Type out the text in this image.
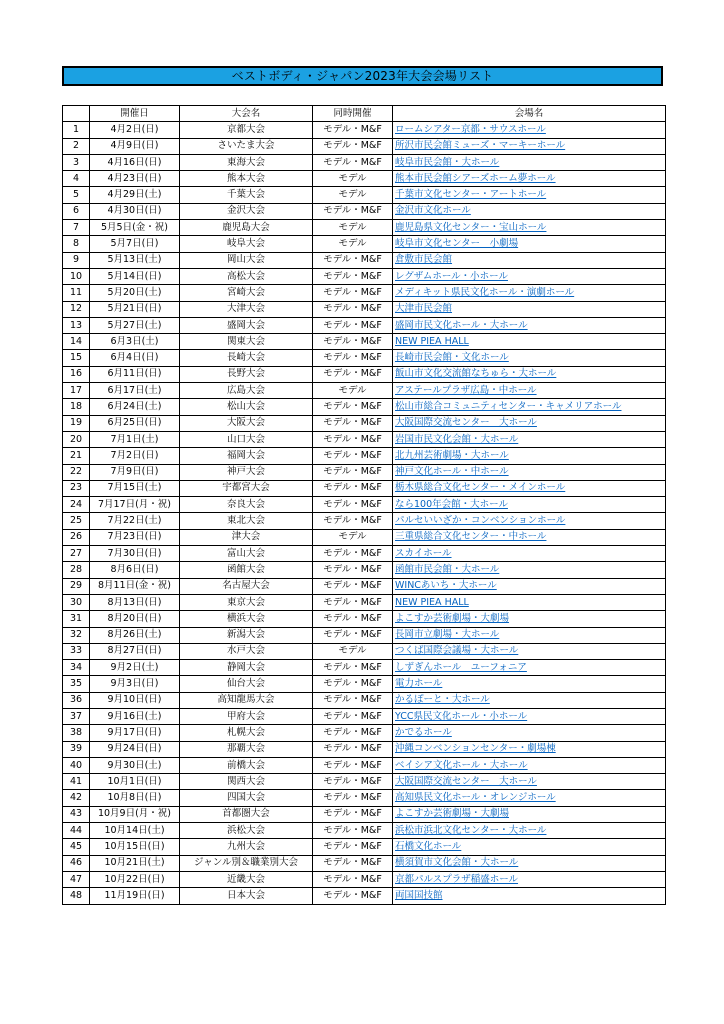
ベストボディ・ジャパン2023年大会会場リスト
	開催日	大会名	同時開催	会場名
1	4月2日(日)	京都大会	モデル・M&F	ロームシアター京都・サウスホール
2	4月9日(日)	さいたま大会	モデル・M&F	所沢市民会館ミューズ・マーキーホール
3	4月16日(日)	東海大会	モデル・M&F	岐阜市民会館・大ホール
4	4月23日(日)	熊本大会	モデル	熊本市民会館シアーズホーム夢ホール
5	4月29日(土)	千葉大会	モデル	千葉市文化センター・アートホール
6	4月30日(日)	金沢大会	モデル・M&F	金沢市文化ホール
7	5月5日(金・祝)	鹿児島大会	モデル	鹿児島県文化センター・宝山ホール
8	5月7日(日)	岐阜大会	モデル	岐阜市文化センター　小劇場
9	5月13日(土)	岡山大会	モデル・M&F	倉敷市民会館
10	5月14日(日)	高松大会	モデル・M&F	レグザムホール・小ホール
11	5月20日(土)	宮崎大会	モデル・M&F	メディキット県民文化ホール・演劇ホール
12	5月21日(日)	大津大会	モデル・M&F	大津市民会館
13	5月27日(土)	盛岡大会	モデル・M&F	盛岡市民文化ホール・大ホール
14	6月3日(土)	関東大会	モデル・M&F	NEW PIEA HALL
15	6月4日(日)	長崎大会	モデル・M&F	長崎市民会館・文化ホール
16	6月11日(日)	長野大会	モデル・M&F	飯山市文化交流館なちゅら・大ホール
17	6月17日(土)	広島大会	モデル	アステールプラザ広島・中ホール
18	6月24日(土)	松山大会	モデル・M&F	松山市総合コミュニティセンター・キャメリアホール
19	6月25日(日)	大阪大会	モデル・M&F	大阪国際交流センター　大ホール
20	7月1日(土)	山口大会	モデル・M&F	岩国市民文化会館・大ホール
21	7月2日(日)	福岡大会	モデル・M&F	北九州芸術劇場・大ホール
22	7月9日(日)	神戸大会	モデル・M&F	神戸文化ホール・中ホール
23	7月15日(土)	宇都宮大会	モデル・M&F	栃木県総合文化センター・メインホール
24	7月17日(月・祝)	奈良大会	モデル・M&F	なら100年会館・大ホール
25	7月22日(土)	東北大会	モデル・M&F	パルセいいざか・コンベンションホール
26	7月23日(日)	津大会	モデル	三重県総合文化センター・中ホール
27	7月30日(日)	富山大会	モデル・M&F	スカイホール
28	8月6日(日)	函館大会	モデル・M&F	函館市民会館・大ホール
29	8月11日(金・祝)	名古屋大会	モデル・M&F	WINCあいち・大ホール
30	8月13日(日)	東京大会	モデル・M&F	NEW PIEA HALL
31	8月20日(日)	横浜大会	モデル・M&F	よこすか芸術劇場・大劇場
32	8月26日(土)	新潟大会	モデル・M&F	長岡市立劇場・大ホール
33	8月27日(日)	水戸大会	モデル	つくば国際会議場・大ホール
34	9月2日(土)	静岡大会	モデル・M&F	しずぎんホール　ユーフォニア
35	9月3日(日)	仙台大会	モデル・M&F	電力ホール
36	9月10日(日)	高知龍馬大会	モデル・M&F	かるぽーと・大ホール
37	9月16日(土)	甲府大会	モデル・M&F	YCC県民文化ホール・小ホール
38	9月17日(日)	札幌大会	モデル・M&F	かでるホール
39	9月24日(日)	那覇大会	モデル・M&F	沖縄コンベンションセンター・劇場棟
40	9月30日(土)	前橋大会	モデル・M&F	ベイシア文化ホール・大ホール
41	10月1日(日)	関西大会	モデル・M&F	大阪国際交流センター　大ホール
42	10月8日(日)	四国大会	モデル・M&F	高知県民文化ホール・オレンジホール
43	10月9日(月・祝)	首都圏大会	モデル・M&F	よこすか芸術劇場・大劇場
44	10月14日(土)	浜松大会	モデル・M&F	浜松市浜北文化センター・大ホール
45	10月15日(日)	九州大会	モデル・M&F	石橋文化ホール
46	10月21日(土)	ジャンル別＆職業別大会	モデル・M&F	横須賀市文化会館・大ホール
47	10月22日(日)	近畿大会	モデル・M&F	京都パルスプラザ稲盛ホール
48	11月19日(日)	日本大会	モデル・M&F	両国国技館
